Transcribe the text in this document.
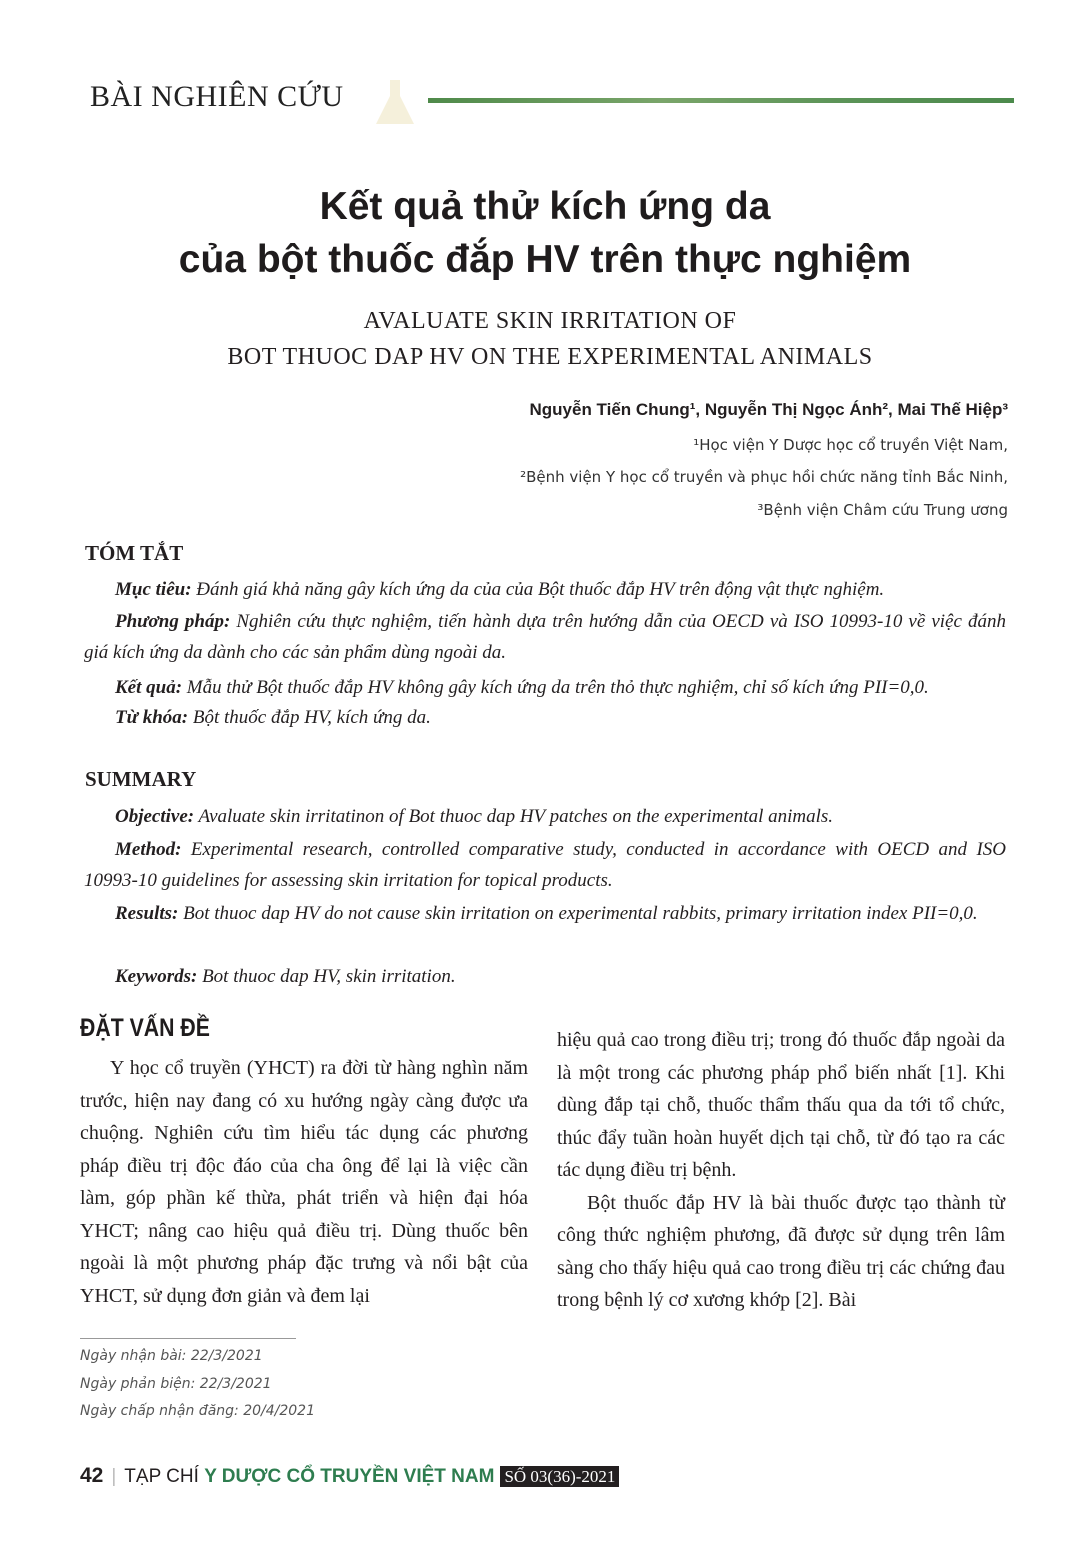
BÀI NGHIÊN CỨU
Kết quả thử kích ứng da
của bột thuốc đắp HV trên thực nghiệm
AVALUATE SKIN IRRITATION OF
BOT THUOC DAP HV ON THE EXPERIMENTAL ANIMALS
Nguyễn Tiến Chung¹, Nguyễn Thị Ngọc Ánh², Mai Thế Hiệp³
¹Học viện Y Dược học cổ truyền Việt Nam,
²Bệnh viện Y học cổ truyền và phục hồi chức năng tỉnh Bắc Ninh,
³Bệnh viện Châm cứu Trung ương
TÓM TẮT
Mục tiêu: Đánh giá khả năng gây kích ứng da của của Bột thuốc đắp HV trên động vật thực nghiệm.
Phương pháp: Nghiên cứu thực nghiệm, tiến hành dựa trên hướng dẫn của OECD và ISO 10993-10 về việc đánh giá kích ứng da dành cho các sản phẩm dùng ngoài da.
Kết quả: Mẫu thử Bột thuốc đắp HV không gây kích ứng da trên thỏ thực nghiệm, chỉ số kích ứng PII=0,0.
Từ khóa: Bột thuốc đắp HV, kích ứng da.
SUMMARY
Objective: Avaluate skin irritatinon of Bot thuoc dap HV patches on the experimental animals.
Method: Experimental research, controlled comparative study, conducted in accordance with OECD and ISO 10993-10 guidelines for assessing skin irritation for topical products.
Results: Bot thuoc dap HV do not cause skin irritation on experimental rabbits, primary irritation index PII=0,0.
Keywords: Bot thuoc dap HV, skin irritation.
ĐẶT VẤN ĐỀ

Y học cổ truyền (YHCT) ra đời từ hàng nghìn năm trước, hiện nay đang có xu hướng ngày càng được ưa chuộng. Nghiên cứu tìm hiểu tác dụng các phương pháp điều trị độc đáo của cha ông để lại là việc cần làm, góp phần kế thừa, phát triển và hiện đại hóa YHCT; nâng cao hiệu quả điều trị. Dùng thuốc bên ngoài là một phương pháp đặc trưng và nổi bật của YHCT, sử dụng đơn giản và đem lại

hiệu quả cao trong điều trị; trong đó thuốc đắp ngoài da là một trong các phương pháp phổ biến nhất [1]. Khi dùng đắp tại chỗ, thuốc thẩm thấu qua da tới tổ chức, thúc đẩy tuần hoàn huyết dịch tại chỗ, từ đó tạo ra các tác dụng điều trị bệnh.

Bột thuốc đắp HV là bài thuốc được tạo thành từ công thức nghiệm phương, đã được sử dụng trên lâm sàng cho thấy hiệu quả cao trong điều trị các chứng đau trong bệnh lý cơ xương khớp [2]. Bài

Ngày nhận bài: 22/3/2021
Ngày phản biện: 22/3/2021
Ngày chấp nhận đăng: 20/4/2021
42 | TẠP CHÍ Y DƯỢC CỔ TRUYỀN VIỆT NAM SỐ 03(36)-2021
